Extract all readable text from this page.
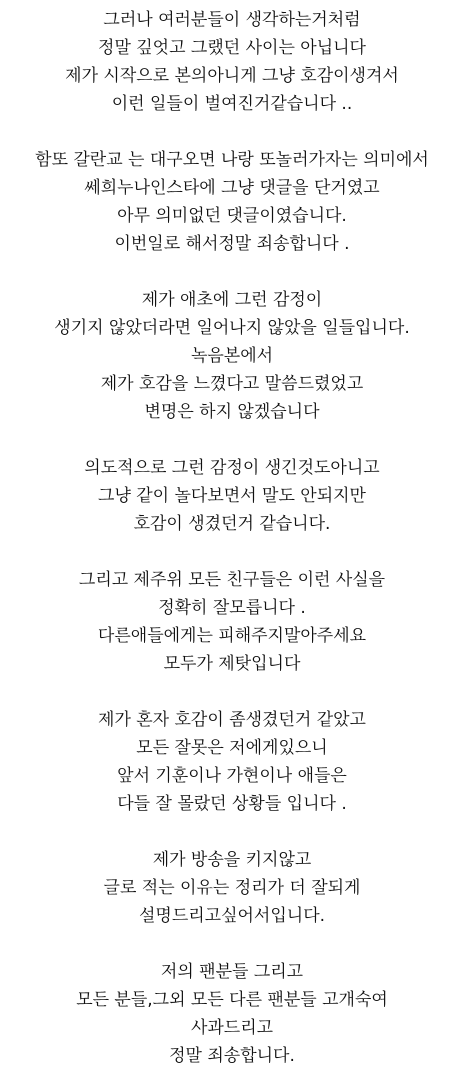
그러나 여러분들이 생각하는거처럼
정말 깊엇고 그랬던 사이는 아닙니다
제가 시작으로 본의아니게 그냥 호감이생겨서
이런 일들이 벌여진거같습니다 ..
함또 갈란교 는 대구오면 나랑 또놀러가자는 의미에서
쎄희누나인스타에 그냥 댓글을 단거였고
아무 의미없던 댓글이였습니다.
이번일로 해서정말 죄송합니다 .
제가 애초에 그런 감정이
생기지 않았더라면 일어나지 않았을 일들입니다.
녹음본에서
제가 호감을 느꼈다고 말씀드렸었고
변명은 하지 않겠습니다
의도적으로 그런 감정이 생긴것도아니고
그냥 같이 놀다보면서 말도 안되지만
호감이 생겼던거 같습니다.
그리고 제주위 모든 친구들은 이런 사실을
정확히 잘모릅니다 .
다른애들에게는 피해주지말아주세요
모두가 제탓입니다
제가 혼자 호감이 좀생겼던거 같았고
모든 잘못은 저에게있으니
앞서 기훈이나 가현이나 애들은
다들 잘 몰랐던 상황들 입니다 .
제가 방송을 키지않고
글로 적는 이유는 정리가 더 잘되게
설명드리고싶어서입니다.
저의 팬분들 그리고
모든 분들,그외 모든 다른 팬분들 고개숙여
사과드리고
정말 죄송합니다.
